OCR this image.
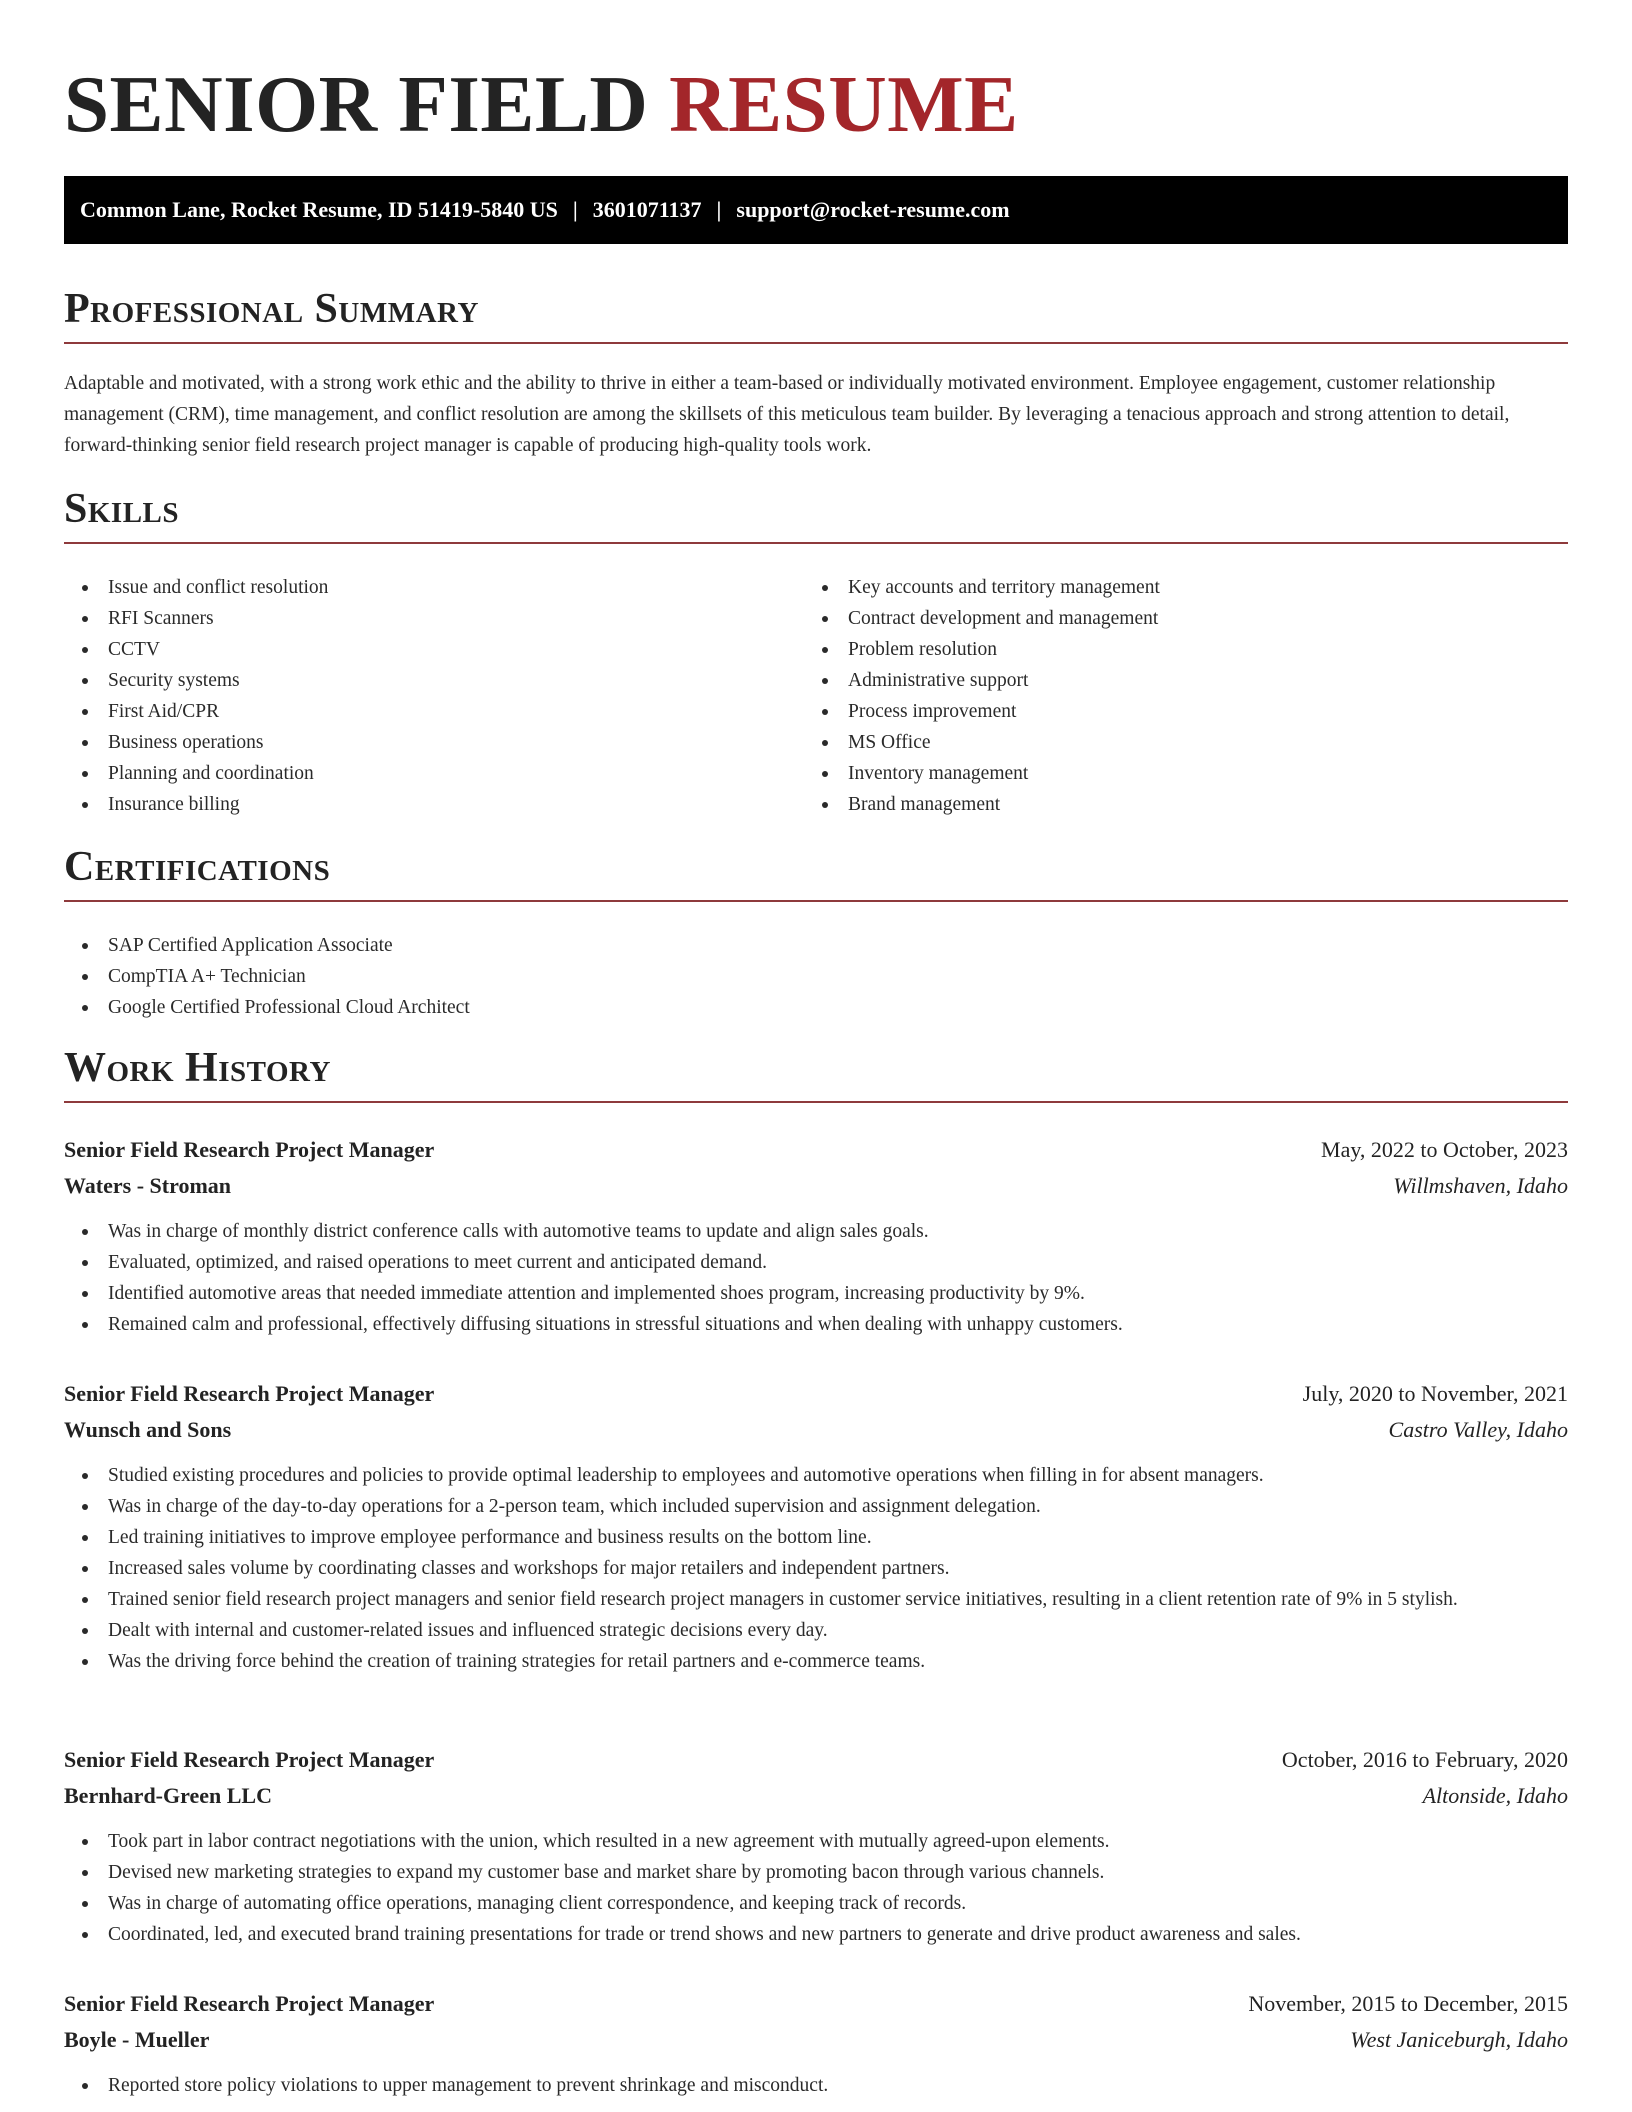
SENIOR FIELD RESUME
Common Lane, Rocket Resume, ID 51419-5840 US | 3601071137 | support@rocket-resume.com
Professional Summary

Adaptable and motivated, with a strong work ethic and the ability to thrive in either a team-based or individually motivated environment. Employee engagement, customer relationship management (CRM), time management, and conflict resolution are among the skillsets of this meticulous team builder. By leveraging a tenacious approach and strong attention to detail, forward-thinking senior field research project manager is capable of producing high-quality tools work.

Skills
Issue and conflict resolution
RFI Scanners
CCTV
Security systems
First Aid/CPR
Business operations
Planning and coordination
Insurance billing
Key accounts and territory management
Contract development and management
Problem resolution
Administrative support
Process improvement
MS Office
Inventory management
Brand management
Certifications
SAP Certified Application Associate
CompTIA A+ Technician
Google Certified Professional Cloud Architect
Work History
Senior Field Research Project Manager	May, 2022 to October, 2023
Waters - Stroman	Willmshaven, Idaho
Was in charge of monthly district conference calls with automotive teams to update and align sales goals.
Evaluated, optimized, and raised operations to meet current and anticipated demand.
Identified automotive areas that needed immediate attention and implemented shoes program, increasing productivity by 9%.
Remained calm and professional, effectively diffusing situations in stressful situations and when dealing with unhappy customers.
Senior Field Research Project Manager	July, 2020 to November, 2021
Wunsch and Sons	Castro Valley, Idaho
Studied existing procedures and policies to provide optimal leadership to employees and automotive operations when filling in for absent managers.
Was in charge of the day-to-day operations for a 2-person team, which included supervision and assignment delegation.
Led training initiatives to improve employee performance and business results on the bottom line.
Increased sales volume by coordinating classes and workshops for major retailers and independent partners.
Trained senior field research project managers and senior field research project managers in customer service initiatives, resulting in a client retention rate of 9% in 5 stylish.
Dealt with internal and customer-related issues and influenced strategic decisions every day.
Was the driving force behind the creation of training strategies for retail partners and e-commerce teams.
Senior Field Research Project Manager	October, 2016 to February, 2020
Bernhard-Green LLC	Altonside, Idaho
Took part in labor contract negotiations with the union, which resulted in a new agreement with mutually agreed-upon elements.
Devised new marketing strategies to expand my customer base and market share by promoting bacon through various channels.
Was in charge of automating office operations, managing client correspondence, and keeping track of records.
Coordinated, led, and executed brand training presentations for trade or trend shows and new partners to generate and drive product awareness and sales.
Senior Field Research Project Manager	November, 2015 to December, 2015
Boyle - Mueller	West Janiceburgh, Idaho
Reported store policy violations to upper management to prevent shrinkage and misconduct.
